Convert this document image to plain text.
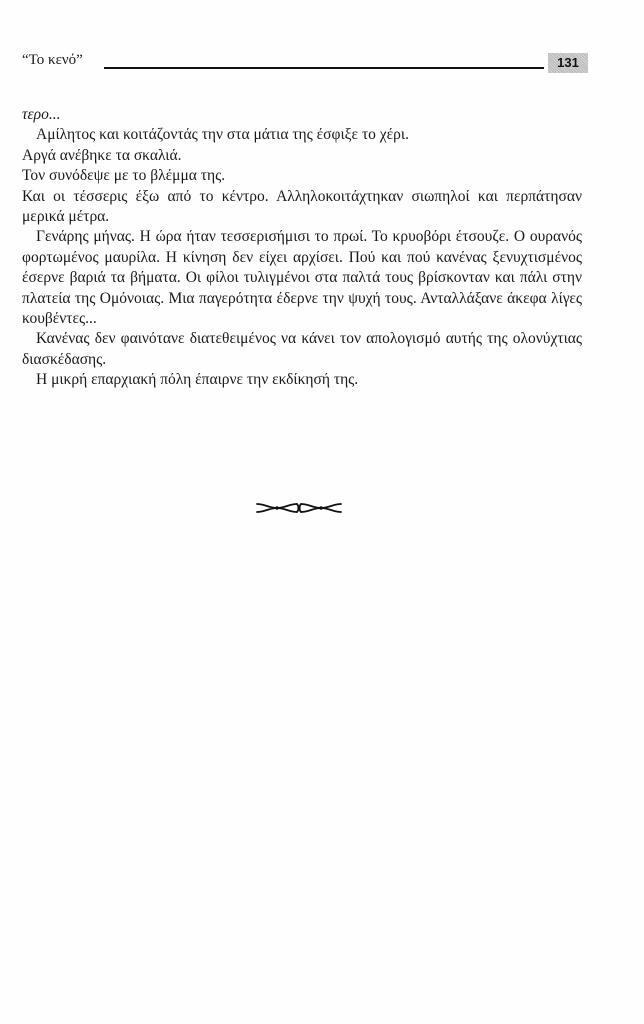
“Το κενό”	131

τερο...

Αμίλητος και κοιτάζοντάς την στα μάτια της έσφιξε το χέρι.

Αργά ανέβηκε τα σκαλιά.

Τον συνόδεψε με το βλέμμα της.

Και οι τέσσερις έξω από το κέντρο. Αλληλοκοιτάχτηκαν σιωπηλοί και περπάτησαν μερικά μέτρα.

Γενάρης μήνας. Η ώρα ήταν τεσσερισήμισι το πρωί. Το κρυοβόρι έτσουζε. Ο ουρανός φορτωμένος μαυρίλα. Η κίνηση δεν είχει αρχίσει. Πού και πού κανένας ξενυχτισμένος έσερνε βαριά τα βήματα. Οι φίλοι τυλιγμένοι στα παλτά τους βρίσκονταν και πάλι στην πλατεία της Ομόνοιας. Μια παγερότητα έδερνε την ψυχή τους. Ανταλλάξανε άκεφα λίγες κουβέντες...

Κανένας δεν φαινότανε διατεθειμένος να κάνει τον απολογισμό αυτής της ολονύχτιας διασκέδασης.

Η μικρή επαρχιακή πόλη έπαιρνε την εκδίκησή της.
